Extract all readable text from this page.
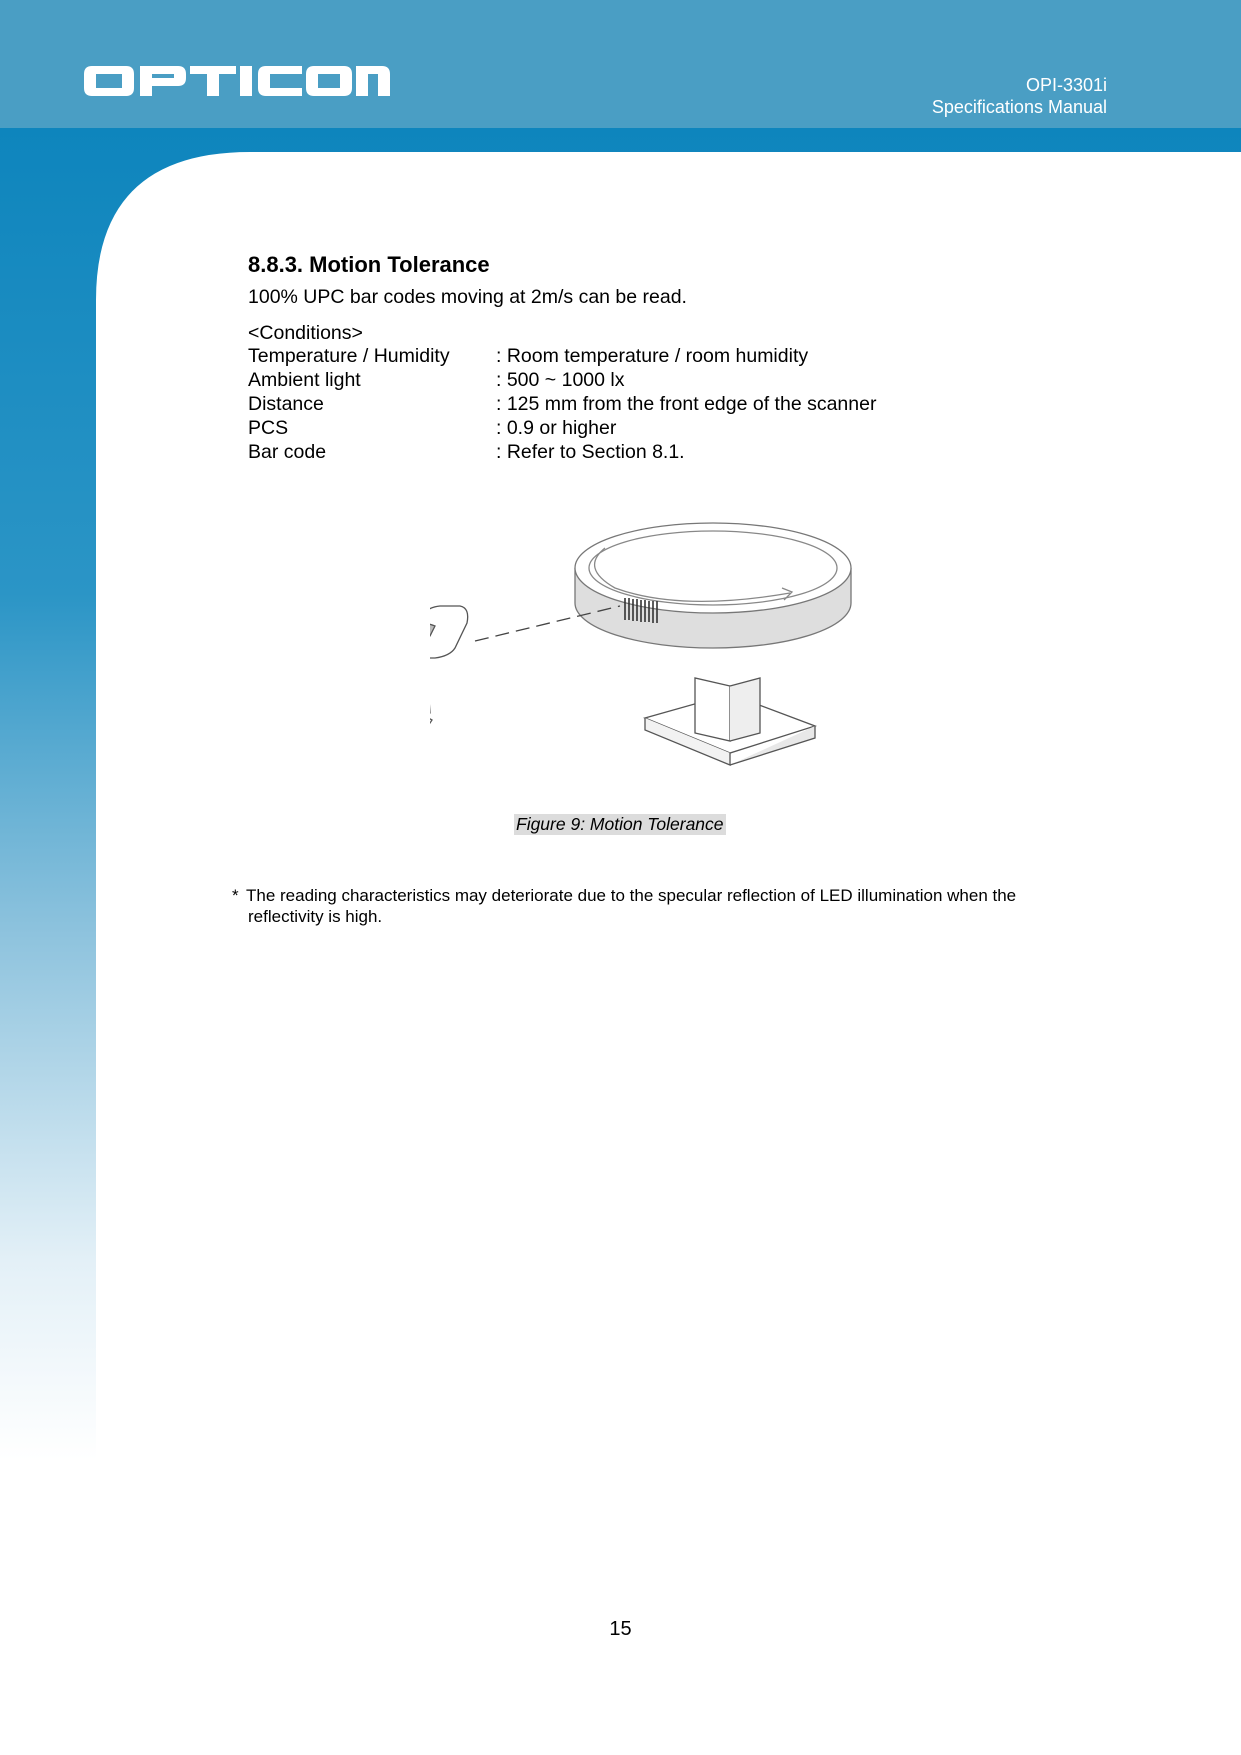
OPI-3301i
Specifications Manual
8.8.3. Motion Tolerance
100% UPC bar codes moving at 2m/s can be read.
<Conditions>
Temperature / Humidity	: Room temperature / room humidity
Ambient light	: 500 ~ 1000 lx
Distance	: 125 mm from the front edge of the scanner
PCS	: 0.9 or higher
Bar code	: Refer to Section 8.1.
Figure 9: Motion Tolerance
* The reading characteristics may deteriorate due to the specular reflection of LED illumination when the
reflectivity is high.
15
